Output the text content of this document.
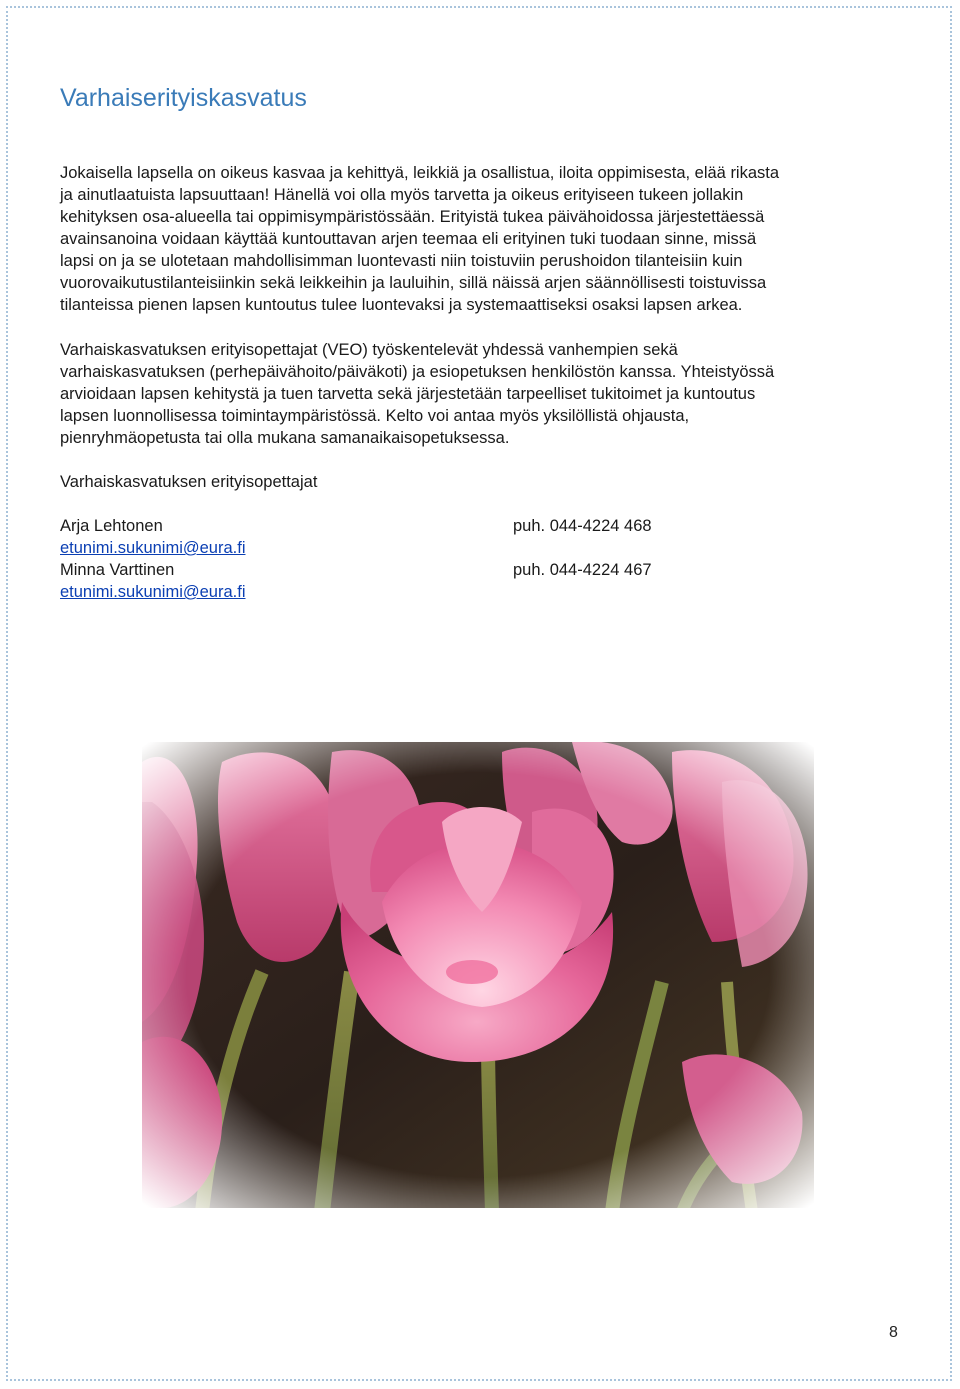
Varhaiserityiskasvatus

Jokaisella lapsella on oikeus kasvaa ja kehittyä, leikkiä ja osallistua, iloita oppimisesta, elää rikasta
ja ainutlaatuista lapsuuttaan! Hänellä voi olla myös tarvetta ja oikeus erityiseen tukeen jollakin
kehityksen osa-alueella tai oppimisympäristössään. Erityistä tukea päivähoidossa järjestettäessä
avainsanoina voidaan käyttää kuntouttavan arjen teemaa eli erityinen tuki tuodaan sinne, missä
lapsi on ja se ulotetaan mahdollisimman luontevasti niin toistuviin perushoidon tilanteisiin kuin
vuorovaikutustilanteisiinkin sekä leikkeihin ja lauluihin, sillä näissä arjen säännöllisesti toistuvissa
tilanteissa pienen lapsen kuntoutus tulee luontevaksi ja systemaattiseksi osaksi lapsen arkea.

Varhaiskasvatuksen erityisopettajat (VEO) työskentelevät yhdessä vanhempien sekä
varhaiskasvatuksen (perhepäivähoito/päiväkoti) ja esiopetuksen henkilöstön kanssa. Yhteistyössä
arvioidaan lapsen kehitystä ja tuen tarvetta sekä järjestetään tarpeelliset tukitoimet ja kuntoutus
lapsen luonnollisessa toimintaympäristössä. Kelto voi antaa myös yksilöllistä ohjausta,
pienryhmäopetusta tai olla mukana samanaikaisopetuksessa.

Varhaiskasvatuksen erityisopettajat

Arja Lehtonen	puh. 044-4224 468
etunimi.sukunimi@eura.fi
Minna Varttinen	puh. 044-4224 467
etunimi.sukunimi@eura.fi
8
